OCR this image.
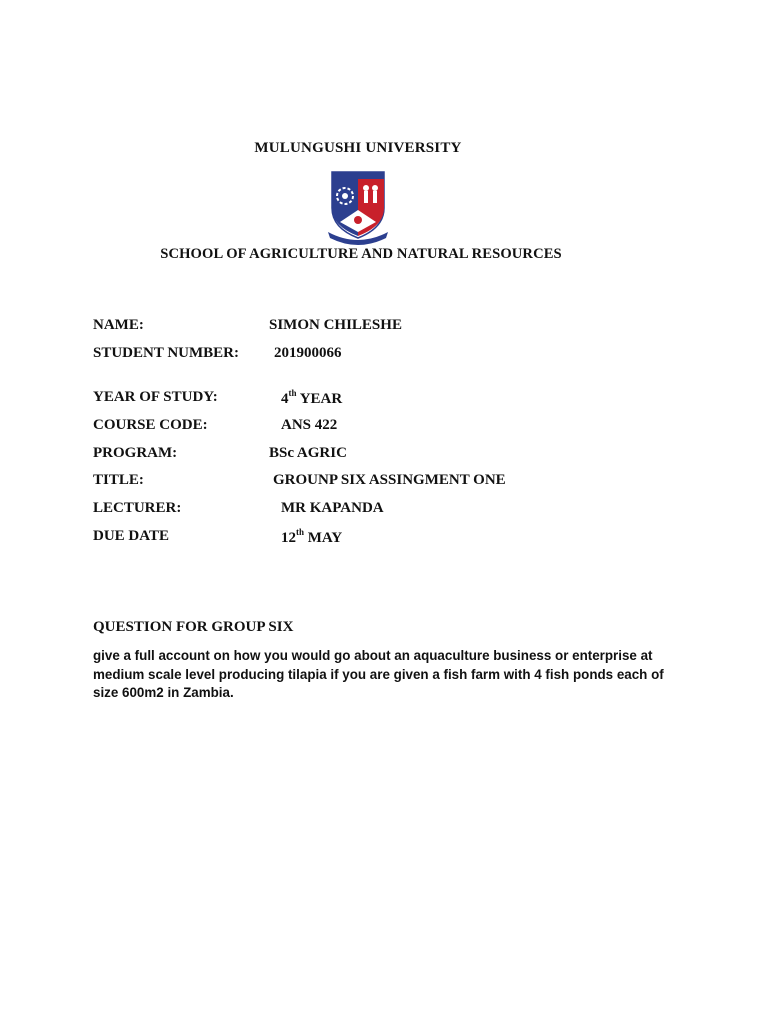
MULUNGUSHI UNIVERSITY
SCHOOL OF AGRICULTURE AND NATURAL RESOURCES
NAME:	SIMON CHILESHE
STUDENT NUMBER: 201900066
YEAR OF STUDY:	4th YEAR
COURSE CODE:	ANS 422
PROGRAM:	BSc AGRIC
TITLE:	GROUNP SIX ASSINGMENT ONE
LECTURER:	MR KAPANDA
DUE DATE	12th MAY
QUESTION FOR GROUP SIX
give a full account on how you would go about an aquaculture business or enterprise at medium scale level producing tilapia if you are given a fish farm with 4 fish ponds each of size 600m2 in Zambia.
